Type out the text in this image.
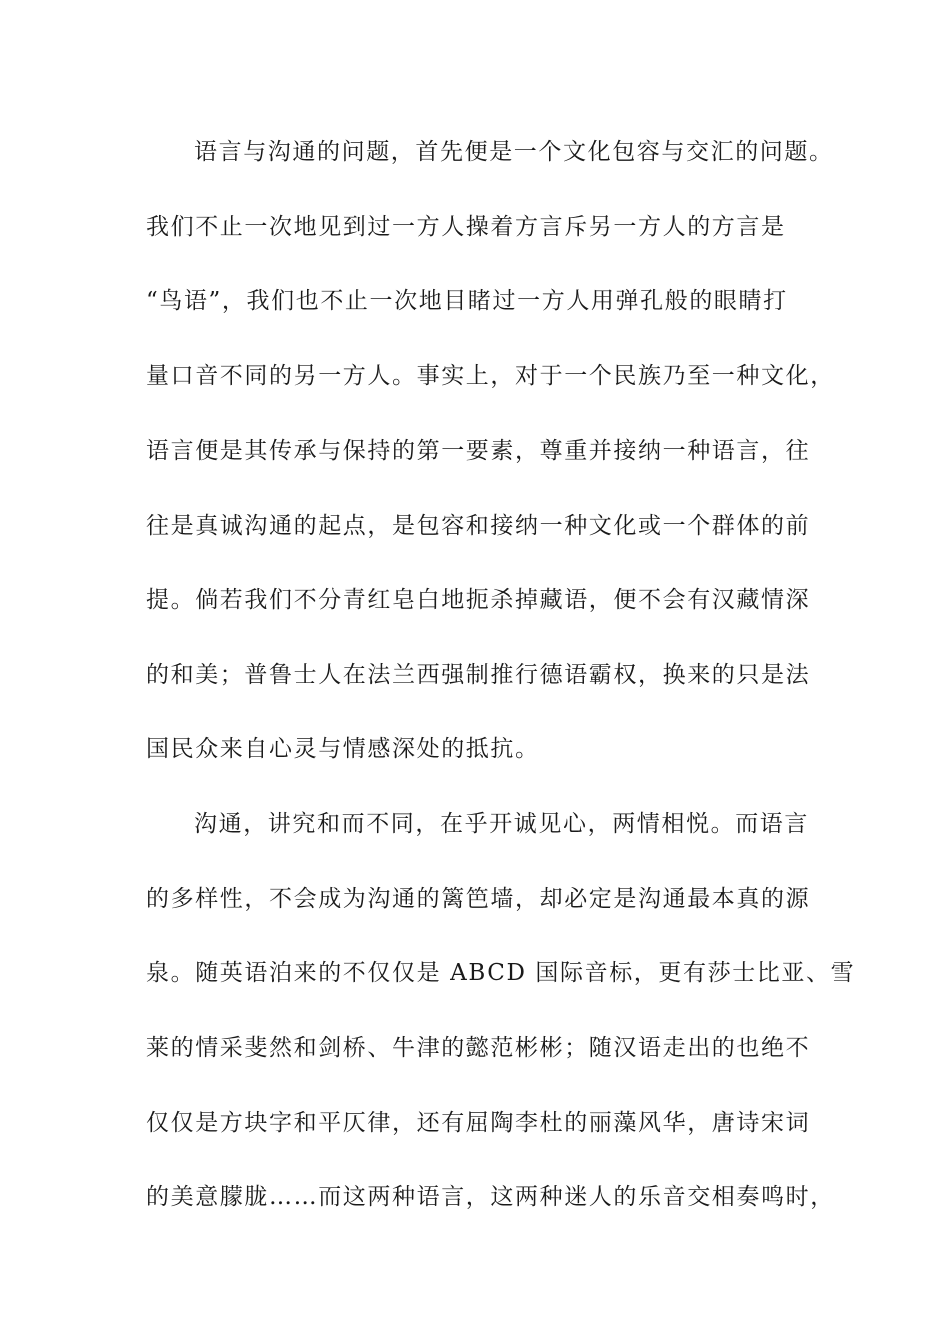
语言与沟通的问题，首先便是一个文化包容与交汇的问题。
我们不止一次地见到过一方人操着方言斥另一方人的方言是
“鸟语”，我们也不止一次地目睹过一方人用弹孔般的眼睛打
量口音不同的另一方人。事实上，对于一个民族乃至一种文化，
语言便是其传承与保持的第一要素，尊重并接纳一种语言，往
往是真诚沟通的起点，是包容和接纳一种文化或一个群体的前
提。倘若我们不分青红皂白地扼杀掉藏语，便不会有汉藏情深
的和美；普鲁士人在法兰西强制推行德语霸权，换来的只是法
国民众来自心灵与情感深处的抵抗。
沟通，讲究和而不同，在乎开诚见心，两情相悦。而语言
的多样性，不会成为沟通的篱笆墙，却必定是沟通最本真的源
泉。随英语泊来的不仅仅是 ABCD 国际音标，更有莎士比亚、雪
莱的情采斐然和剑桥、牛津的懿范彬彬；随汉语走出的也绝不
仅仅是方块字和平仄律，还有屈陶李杜的丽藻风华，唐诗宋词
的美意朦胧……而这两种语言，这两种迷人的乐音交相奏鸣时，
